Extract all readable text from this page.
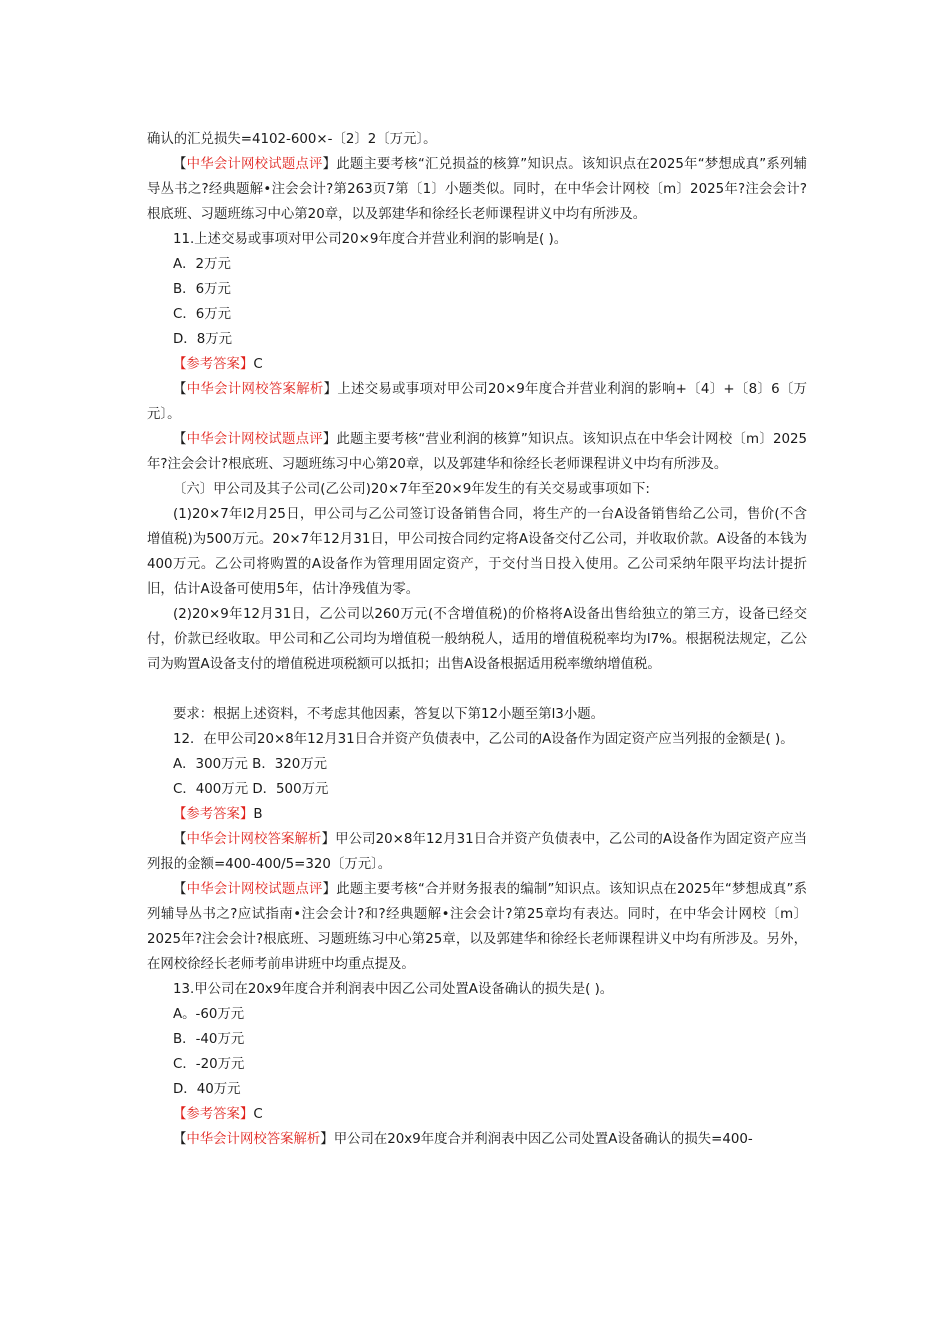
确认的汇兑损失=4102-600×-〔2〕2〔万元〕。

【中华会计网校试题点评】此题主要考核“汇兑损益的核算”知识点。该知识点在2025年“梦想成真”系列辅导丛书之?经典题解•注会会计?第263页7第〔1〕小题类似。同时，在中华会计网校〔m〕2025年?注会会计?根底班、习题班练习中心第20章，以及郭建华和徐经长老师课程讲义中均有所涉及。

11.上述交易或事项对甲公司20×9年度合并营业利润的影响是( )。

A．2万元

B．6万元

C．6万元

D．8万元

【参考答案】C

【中华会计网校答案解析】上述交易或事项对甲公司20×9年度合并营业利润的影响+〔4〕+〔8〕6〔万元〕。

【中华会计网校试题点评】此题主要考核“营业利润的核算”知识点。该知识点在中华会计网校〔m〕2025年?注会会计?根底班、习题班练习中心第20章，以及郭建华和徐经长老师课程讲义中均有所涉及。

〔六〕甲公司及其子公司(乙公司)20×7年至20×9年发生的有关交易或事项如下:

(1)20×7年l2月25日，甲公司与乙公司签订设备销售合同，将生产的一台A设备销售给乙公司，售价(不含增值税)为500万元。20×7年12月31日，甲公司按合同约定将A设备交付乙公司，并收取价款。A设备的本钱为400万元。乙公司将购置的A设备作为管理用固定资产，于交付当日投入使用。乙公司采纳年限平均法计提折旧，估计A设备可使用5年，估计净残值为零。

(2)20×9年12月31日，乙公司以260万元(不含增值税)的价格将A设备出售给独立的第三方，设备已经交付，价款已经收取。甲公司和乙公司均为增值税一般纳税人，适用的增值税税率均为l7%。根据税法规定，乙公司为购置A设备支付的增值税进项税额可以抵扣；出售A设备根据适用税率缴纳增值税。

要求：根据上述资料，不考虑其他因素，答复以下第12小题至第l3小题。

12．在甲公司20×8年12月31日合并资产负债表中，乙公司的A设备作为固定资产应当列报的金额是( )。

A．300万元 B．320万元

C．400万元 D．500万元

【参考答案】B

【中华会计网校答案解析】甲公司20×8年12月31日合并资产负债表中，乙公司的A设备作为固定资产应当列报的金额=400-400/5=320〔万元〕。

【中华会计网校试题点评】此题主要考核“合并财务报表的编制”知识点。该知识点在2025年“梦想成真”系列辅导丛书之?应试指南•注会会计?和?经典题解•注会会计?第25章均有表达。同时，在中华会计网校〔m〕2025年?注会会计?根底班、习题班练习中心第25章，以及郭建华和徐经长老师课程讲义中均有所涉及。另外，在网校徐经长老师考前串讲班中均重点提及。

13.甲公司在20x9年度合并利润表中因乙公司处置A设备确认的损失是( )。

A。-60万元

B．-40万元

C．-20万元

D．40万元

【参考答案】C

【中华会计网校答案解析】甲公司在20x9年度合并利润表中因乙公司处置A设备确认的损失=400-
